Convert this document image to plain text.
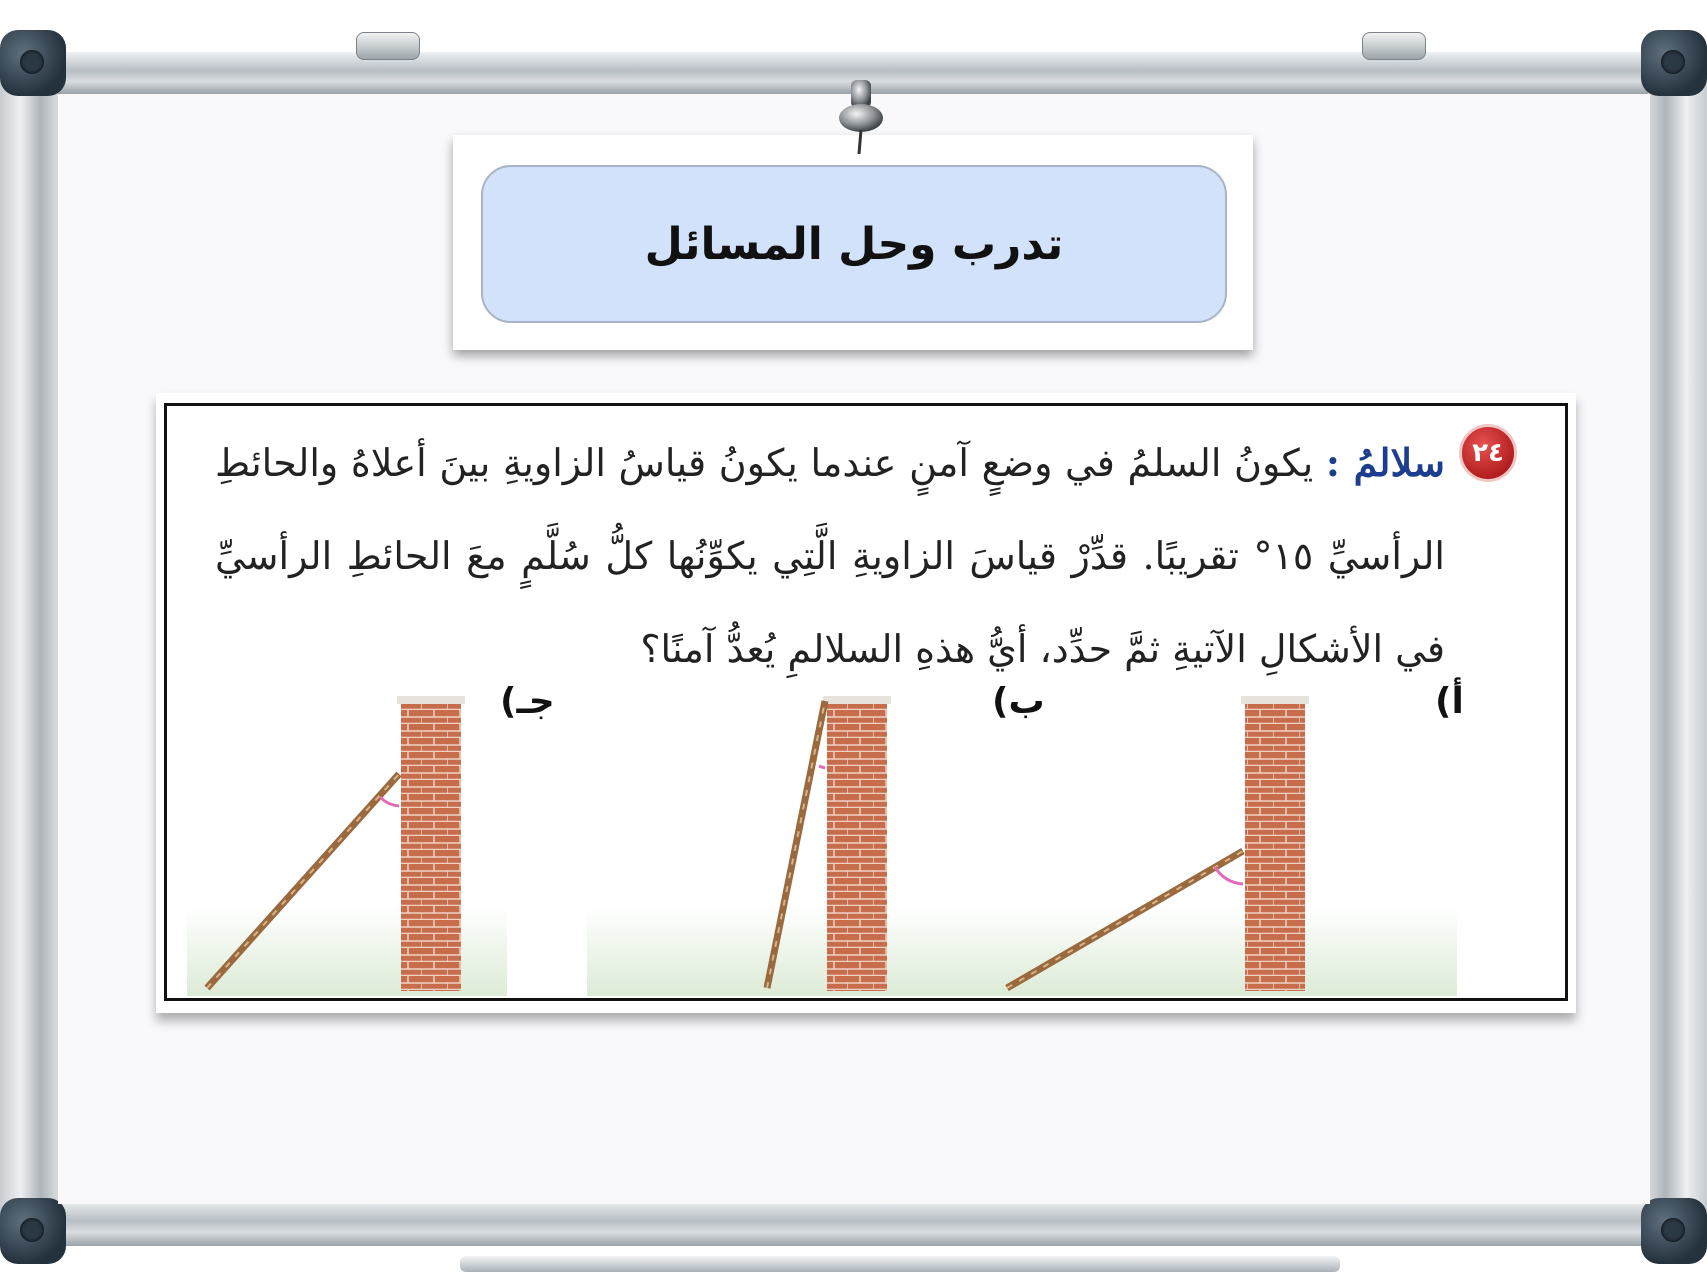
تدرب وحل المسائل
٢٤
سلالمُ : يكونُ السلمُ في وضعٍ آمنٍ عندما يكونُ قياسُ الزاويةِ بينَ أعلاهُ والحائطِ الرأسيِّ ١٥° تقريبًا. قدِّرْ قياسَ الزاويةِ الَّتِي يكوِّنُها كلُّ سُلَّمٍ معَ الحائطِ الرأسيِّ في الأشكالِ الآتيةِ ثمَّ حدِّد، أيُّ هذهِ السلالمِ يُعدُّ آمنًا؟
أ)
ب)
جـ)
